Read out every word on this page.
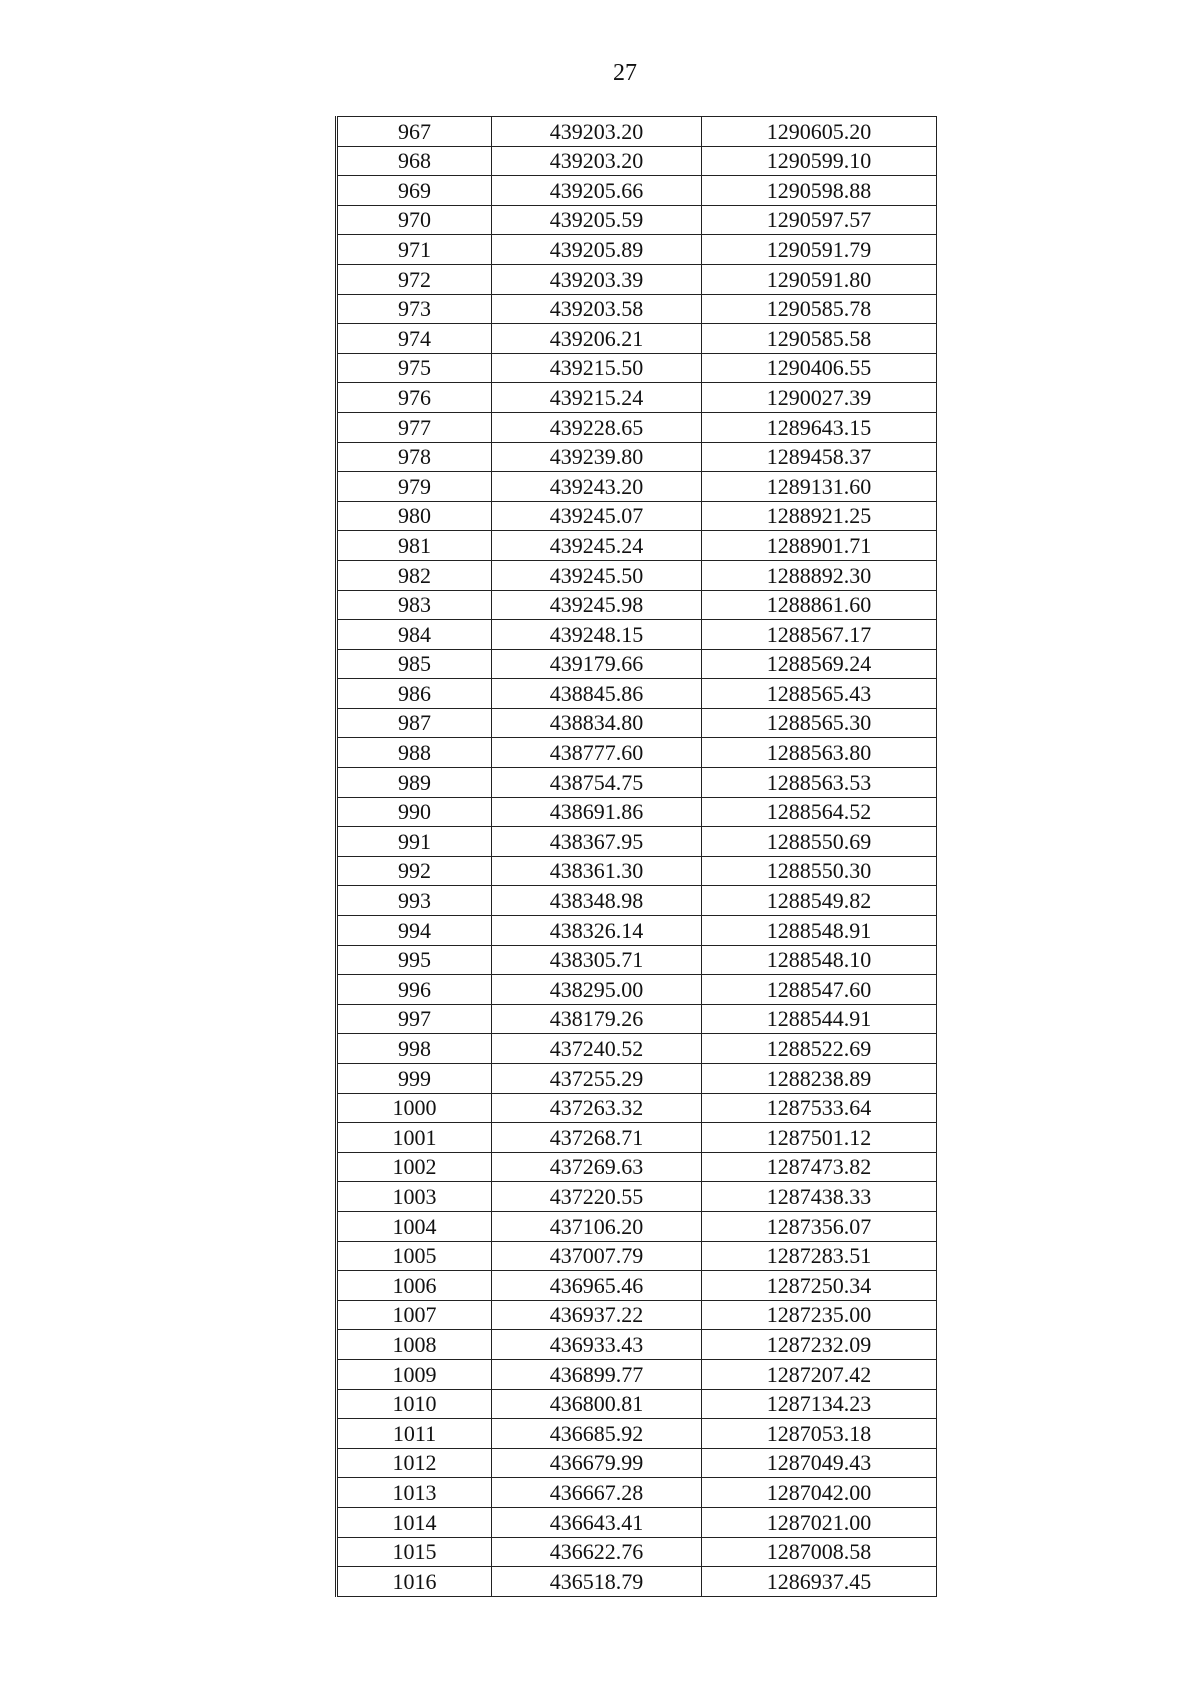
27
967	439203.20	1290605.20
968	439203.20	1290599.10
969	439205.66	1290598.88
970	439205.59	1290597.57
971	439205.89	1290591.79
972	439203.39	1290591.80
973	439203.58	1290585.78
974	439206.21	1290585.58
975	439215.50	1290406.55
976	439215.24	1290027.39
977	439228.65	1289643.15
978	439239.80	1289458.37
979	439243.20	1289131.60
980	439245.07	1288921.25
981	439245.24	1288901.71
982	439245.50	1288892.30
983	439245.98	1288861.60
984	439248.15	1288567.17
985	439179.66	1288569.24
986	438845.86	1288565.43
987	438834.80	1288565.30
988	438777.60	1288563.80
989	438754.75	1288563.53
990	438691.86	1288564.52
991	438367.95	1288550.69
992	438361.30	1288550.30
993	438348.98	1288549.82
994	438326.14	1288548.91
995	438305.71	1288548.10
996	438295.00	1288547.60
997	438179.26	1288544.91
998	437240.52	1288522.69
999	437255.29	1288238.89
1000	437263.32	1287533.64
1001	437268.71	1287501.12
1002	437269.63	1287473.82
1003	437220.55	1287438.33
1004	437106.20	1287356.07
1005	437007.79	1287283.51
1006	436965.46	1287250.34
1007	436937.22	1287235.00
1008	436933.43	1287232.09
1009	436899.77	1287207.42
1010	436800.81	1287134.23
1011	436685.92	1287053.18
1012	436679.99	1287049.43
1013	436667.28	1287042.00
1014	436643.41	1287021.00
1015	436622.76	1287008.58
1016	436518.79	1286937.45
